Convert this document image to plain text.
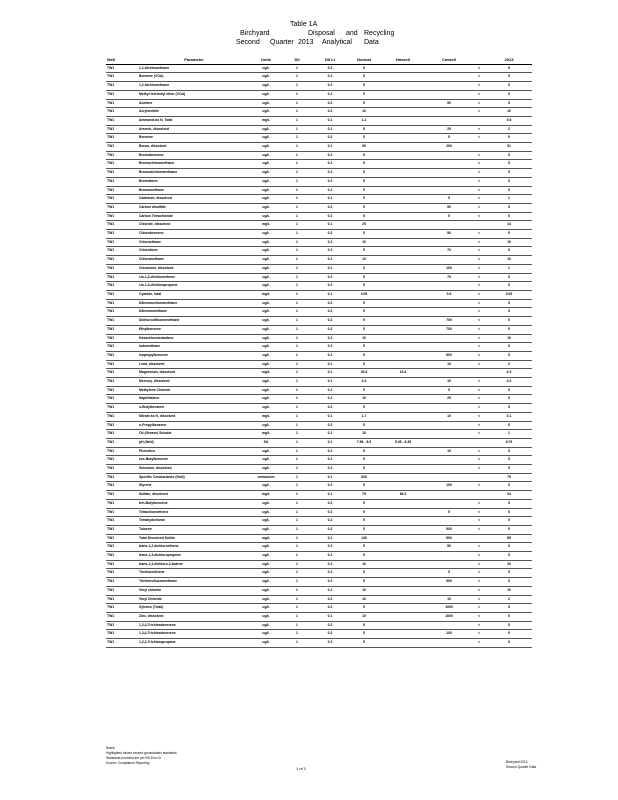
Table 1A
Birchyard	Disposal and Recycling
Second Quarter 2013 Analytical Data
Well	Parameter	Units	Dil	Dil Lt	Normal	Hmwell	Cmwell		2013
TW1	1,1-dichloroethane	ug/L	1	0.2	5			<	5
TW1	Benzene (VOA)	ug/L	1	0.2	5			<	5
TW1	1,2-dichloroethane	ug/L	1	0.2	5			<	5
TW1	Methyl tert-butyl ether (VOA)	ug/L	1	0.2	5			<	5
TW1	Acetone	ug/L	1	0.2	5		50	<	5
TW1	Acrylonitrile	ug/L	1	0.2	10			<	10
TW1	Ammonia as N, Total	mg/L	1	0.1	1.2				0.6
TW1	Arsenic, dissolved	ug/L	1	0.1	5		25	<	2
TW1	Benzene	ug/L	1	0.2	5		5	<	5
TW1	Boron, dissolved	ug/L	1	0.1	50		200		51
TW1	Bromobenzene	ug/L	1	0.2	5			<	5
TW1	Bromochloromethane	ug/L	1	0.2	5			<	5
TW1	Bromodichloromethane	ug/L	1	0.2	5			<	5
TW1	Bromoform	ug/L	1	0.2	5			<	5
TW1	Bromomethane	ug/L	1	0.2	5			<	5
TW1	Cadmium, dissolved	ug/L	1	0.1	5		5	<	1
TW1	Carbon disulfide	ug/L	1	0.2	5		50	<	5
TW1	Carbon Tetrachloride	ug/L	1	0.2	5		5	<	5
TW1	Chloride, dissolved	mg/L	1	0.1	25				14
TW1	Chlorobenzene	ug/L	1	0.2	5		50	<	5
TW1	Chloroethane	ug/L	1	0.2	10			<	10
TW1	Chloroform	ug/L	1	0.2	5		70	<	5
TW1	Chloromethane	ug/L	1	0.2	10			<	10
TW1	Chromium, dissolved	ug/L	1	0.1	3		100	<	1
TW1	cis-1,2-dichloroethene	ug/L	1	0.2	5		70	<	5
TW1	cis-1,3-dichloropropene	ug/L	1	0.2	5			<	5
TW1	Cyanide, total	mg/L	1	0.1	0.05		0.6	<	0.05
TW1	Dibromochloromethane	ug/L	1	0.2	5			<	5
TW1	Dibromomethane	ug/L	1	0.2	5			<	5
TW1	Dichlorodifluoromethane	ug/L	1	0.2	5		700	<	5
TW1	Ethylbenzene	ug/L	1	0.2	5		700	<	5
TW1	Hexachlorobutadiene	ug/L	1	0.2	10			<	10
TW1	Iodomethane	ug/L	1	0.2	5			<	5
TW1	Isopropylbenzene	ug/L	1	0.2	5		500	<	5
TW1	Lead, dissolved	ug/L	1	0.1	5		10	<	2
TW1	Magnesium, dissolved	mg/L	1	0.1	30.3	10.4			6.3
TW1	Mercury, dissolved	ug/L	1	0.1	0.2		10	<	0.2
TW1	Methylene Chloride	ug/L	1	0.2	5		5	<	5
TW1	Naphthalene	ug/L	1	0.2	10		25	<	5
TW1	n-Butylbenzene	ug/L	1	0.2	5			<	5
TW1	Nitrate as N, dissolved	mg/L	1	0.1	1.7		10	<	0.1
TW1	n-Propylbenzene	ug/L	1	0.2	5			<	5
TW1	Oil (Grease) Soluble	mg/L	1	0.1	10			<	1
TW1	pH (field)	SU	1	0.1	7.56 - 8.5	5.45 - 8.35			6.79
TW1	Phenolics	ug/L	1	0.2	5		10	<	5
TW1	sec-Butylbenzene	ug/L	1	0.2	5			<	5
TW1	Selenium, dissolved	ug/L	1	0.2	5			<	5
TW1	Specific Conductance (field)	umhos/cm	1	0.1	528				75
TW1	Styrene	ug/L	1	0.2	5		100	<	5
TW1	Sulfate, dissolved	mg/L	1	0.1	75	66.3			34
TW1	tert-Butylbenzene	ug/L	1	0.2	5			<	5
TW1	Tetrachloroethene	ug/L	1	0.2	5		5	<	5
TW1	Tetrahydrofuran	ug/L	1	0.2	5			<	5
TW1	Toluene	ug/L	1	0.2	5		500	<	5
TW1	Total Dissolved Solids	mg/L	1	0.1	140		500		85
TW1	trans-1,2-dichloroethene	ug/L	1	0.2	5		50	<	5
TW1	trans-1,3-dichloropropene	ug/L	1	0.2	5			<	5
TW1	trans-1,4-dichloro-2-butene	ug/L	1	0.2	10			<	20
TW1	Trichloroethene	ug/L	1	0.2	5		5	<	5
TW1	Trichlorofluoromethane	ug/L	1	0.2	5		500	<	5
TW1	Vinyl chloride	ug/L	1	0.2	10			<	10
TW1	Vinyl Chloride	ug/L	1	0.2	10		10	<	2
TW1	Xylenes (Total)	ug/L	1	0.2	5		1000	<	5
TW1	Zinc, dissolved	ug/L	1	0.1	10		1000	<	5
TW1	1,2,3-Trichlorobenzene	ug/L	1	0.2	5			<	5
TW1	1,2,4-Trichlorobenzene	ug/L	1	0.2	5		100	<	5
TW1	1,2,3-Trichloropropane	ug/L	1	0.2	5			<	5
Notes:
Highlighted values exceed groundwater standards
Standards provided are per NH Env-Or
Source: Compliance Reporting
1 of 1
Birchyard 2013
Second Quarter Data
